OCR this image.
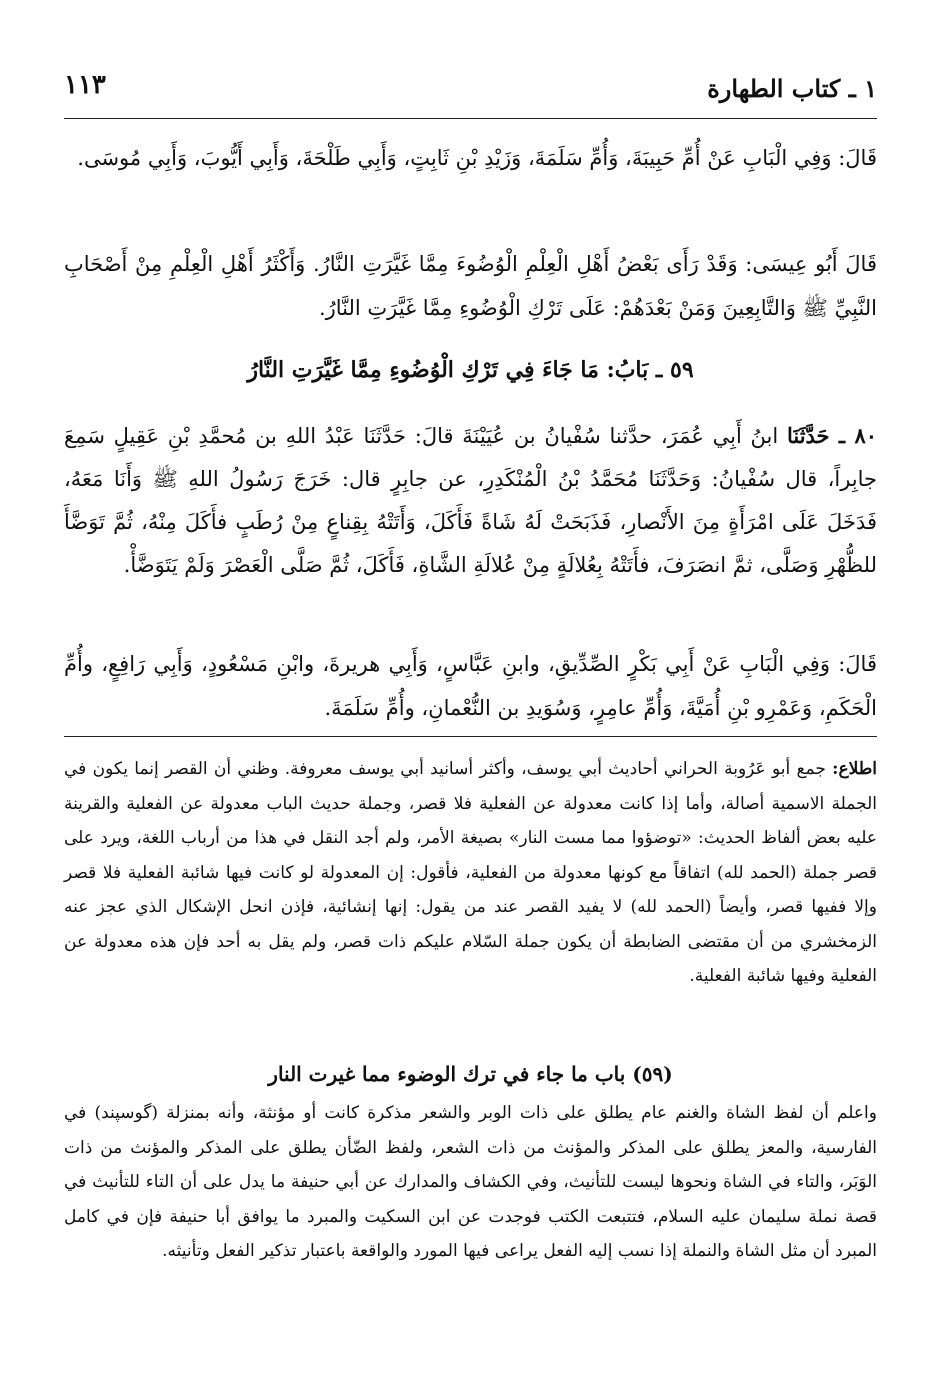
١ ـ كتاب الطهارة
١١٣

قَالَ: وَفِي الْبَابِ عَنْ أُمِّ حَبِيبَةَ، وَأُمِّ سَلَمَةَ، وَزَيْدِ بْنِ ثَابِتٍ، وَأَبِي طَلْحَةَ، وَأَبِي أَيُّوبَ، وَأَبِي مُوسَى.

قَالَ أَبُو عِيسَى: وَقَدْ رَأَى بَعْضُ أَهْلِ الْعِلْمِ الْوُضُوءَ مِمَّا غَيَّرَتِ النَّارُ. وَأَكْثَرُ أَهْلِ الْعِلْمِ مِنْ أَصْحَابِ النَّبِيِّ ﷺ وَالتَّابِعِينَ وَمَنْ بَعْدَهُمْ: عَلَى تَرْكِ الْوُضُوءِ مِمَّا غَيَّرَتِ النَّارُ.

٥٩ ـ بَابُ: مَا جَاءَ فِي تَرْكِ الْوُضُوءِ مِمَّا غَيَّرَتِ النَّارُ

٨٠ ـ حَدَّثَنَا ابنُ أَبِي عُمَرَ، حدَّثنا سُفْيانُ بن عُيَيْنَةَ قالَ: حَدَّثَنَا عَبْدُ اللهِ بن مُحمَّدِ بْنِ عَقِيلٍ سَمِعَ جابِراً، قال سُفْيانُ: وَحَدَّثَنَا مُحَمَّدُ بْنُ الْمُنْكَدِرِ، عن جابِرٍ قال: خَرَجَ رَسُولُ اللهِ ﷺ وَأَنَا مَعَهُ، فَدَخَلَ عَلَى امْرَأَةٍ مِنَ الأَنْصارِ، فَذَبَحَتْ لَهُ شَاةً فَأَكَلَ، وَأَتَتْهُ بِقِناعٍ مِنْ رُطَبٍ فأَكَلَ مِنْهُ، ثُمَّ تَوَضَّأَ للظُّهْرِ وَصَلَّى، ثمَّ انصَرَفَ، فأَتَتْهُ بِعُلالَةٍ مِنْ عُلالَةِ الشَّاةِ، فَأَكَلَ، ثُمَّ صَلَّى الْعَصْرَ وَلَمْ يَتَوَضَّأْ.

قَالَ: وَفِي الْبَابِ عَنْ أَبِي بَكْرٍ الصِّدِّيقِ، وابنِ عَبَّاسٍ، وَأَبِي هريرةَ، وابْنِ مَسْعُودٍ، وَأَبِي رَافِعٍ، وأُمِّ الْحَكَمِ، وَعَمْرِو بْنِ أُمَيَّةَ، وَأُمِّ عامِرٍ، وَسُوَيدِ بن النُّعْمانِ، وأُمِّ سَلَمَةَ.

اطلاع: جمع أبو عَرُوبة الحراني أحاديث أبي يوسف، وأكثر أسانيد أبي يوسف معروفة. وظني أن القصر إنما يكون في الجملة الاسمية أصالة، وأما إذا كانت معدولة عن الفعلية فلا قصر، وجملة حديث الباب معدولة عن الفعلية والقرينة عليه بعض ألفاظ الحديث: «توضؤوا مما مست النار» بصيغة الأمر، ولم أجد النقل في هذا من أرباب اللغة، ويرد على قصر جملة (الحمد لله) اتفاقاً مع كونها معدولة من الفعلية، فأقول: إن المعدولة لو كانت فيها شائبة الفعلية فلا قصر وإلا ففيها قصر، وأيضاً (الحمد لله) لا يفيد القصر عند من يقول: إنها إنشائية، فإذن انحل الإشكال الذي عجز عنه الزمخشري من أن مقتضى الضابطة أن يكون جملة السّلام عليكم ذات قصر، ولم يقل به أحد فإن هذه معدولة عن الفعلية وفيها شائبة الفعلية.

(٥٩) باب ما جاء في ترك الوضوء مما غيرت النار

واعلم أن لفظ الشاة والغنم عام يطلق على ذات الوبر والشعر مذكرة كانت أو مؤنثة، وأنه بمنزلة (گوسپند) في الفارسية، والمعز يطلق على المذكر والمؤنث من ذات الشعر، ولفظ الضّأن يطلق على المذكر والمؤنث من ذات الوَبَر، والتاء في الشاة ونحوها ليست للتأنيث، وفي الكشاف والمدارك عن أبي حنيفة ما يدل على أن التاء للتأنيث في قصة نملة سليمان عليه السلام، فتتبعت الكتب فوجدت عن ابن السكيت والمبرد ما يوافق أبا حنيفة فإن في كامل المبرد أن مثل الشاة والنملة إذا نسب إليه الفعل يراعى فيها المورد والواقعة باعتبار تذكير الفعل وتأنيثه.
